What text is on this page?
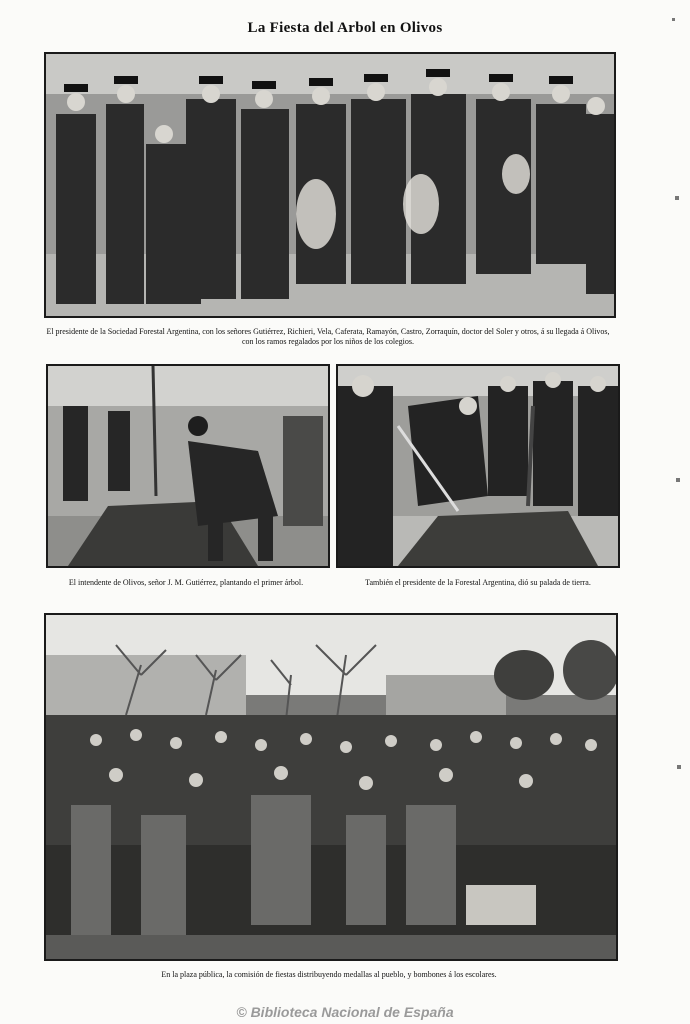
La Fiesta del Arbol en Olivos
El presidente de la Sociedad Forestal Argentina, con los señores Gutiérrez, Richieri, Vela, Caferata, Ramayón, Castro, Zorraquín, doctor del Soler y otros, á su llegada á Olivos, con los ramos regalados por los niños de los colegios.
El intendente de Olivos, señor J. M. Gutiérrez, plantando el primer árbol.	También el presidente de la Forestal Argentina, dió su palada de tierra.
En la plaza pública, la comisión de fiestas distribuyendo medallas al pueblo, y bombones á los escolares.
© Biblioteca Nacional de España
